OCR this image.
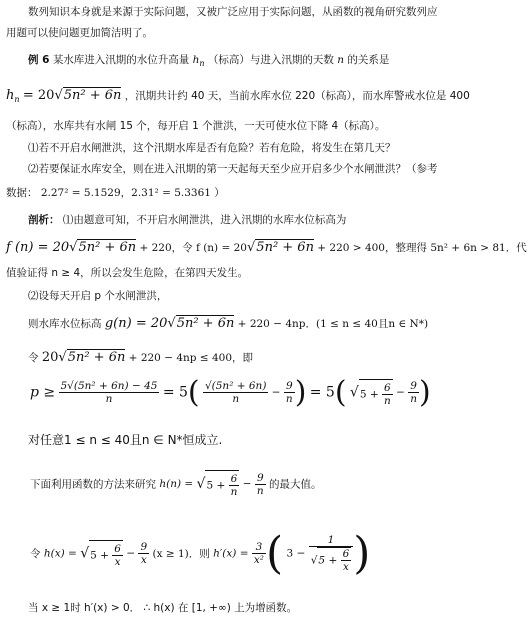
数列知识本身就是来源于实际问题，又被广泛应用于实际问题，从函数的视角研究数列应
用题可以使问题更加简洁明了。
例 6 某水库进入汛期的水位升高量 $h_n$ （标高）与进入汛期的天数 n 的关系是
$h_n = 20√5n^2 + 6n$ ，汛期共计约 40 天，当前水库水位 220（标高），而水库警戒水位是 400
（标高），水库共有水闸 15 个，每开启 1 个泄洪，一天可使水位下降 4（标高）。
⑴若不开启水闸泄洪，这个汛期水库是否有危险？若有危险，将发生在第几天？
⑵若要保证水库安全，则在进入汛期的第一天起每天至少应开启多少个水闸泄洪？（参考
数据： 2.27² = 5.1529，2.31² = 5.3361 ）
剖析： ⑴由题意可知，不开启水闸泄洪，进入汛期的水库水位标高为
f (n) = 20√5n² + 6n + 220，令 f (n) = 20√5n² + 6n + 220 > 400，整理得 5n² + 6n > 81．代
值验证得 n ≥ 4，所以会发生危险，在第四天发生。
⑵设每天开启 p 个水闸泄洪，
则水库水位标高 g(n) = 20√5n² + 6n + 220 − 4np．(1 ≤ n ≤ 40且n ∈ N*)
令 20√5n² + 6n + 220 − 4np ≤ 400，即
$p \ge \frac{\text{5√(5n² + 6n) − 45}}{n} = 5( \frac{\text{√(5n² + 6n)}}{n} - \frac{9}{n}$ ) = 5( $√5 + \frac{6}{n} - \frac{9}{n}$ )
对任意1 ≤ n ≤ 40且n ∈ N*恒成立.
下面利用函数的方法来研究 $h(n) = √5 + \frac{6}{n} - \frac{9}{n}$ 的最大值。
令 $h(x) = √5 + \frac{6}{x} - \frac{9}{x} (x \ge 1)$．则 $h'(x) = \frac{3}{\text{x²}}$ ( $3 - \frac{1}{√5 + \frac{6}{x}}$ )
当 x ≥ 1时 h′(x) > 0． ∴ h(x) 在 [1, +∞) 上为增函数。
